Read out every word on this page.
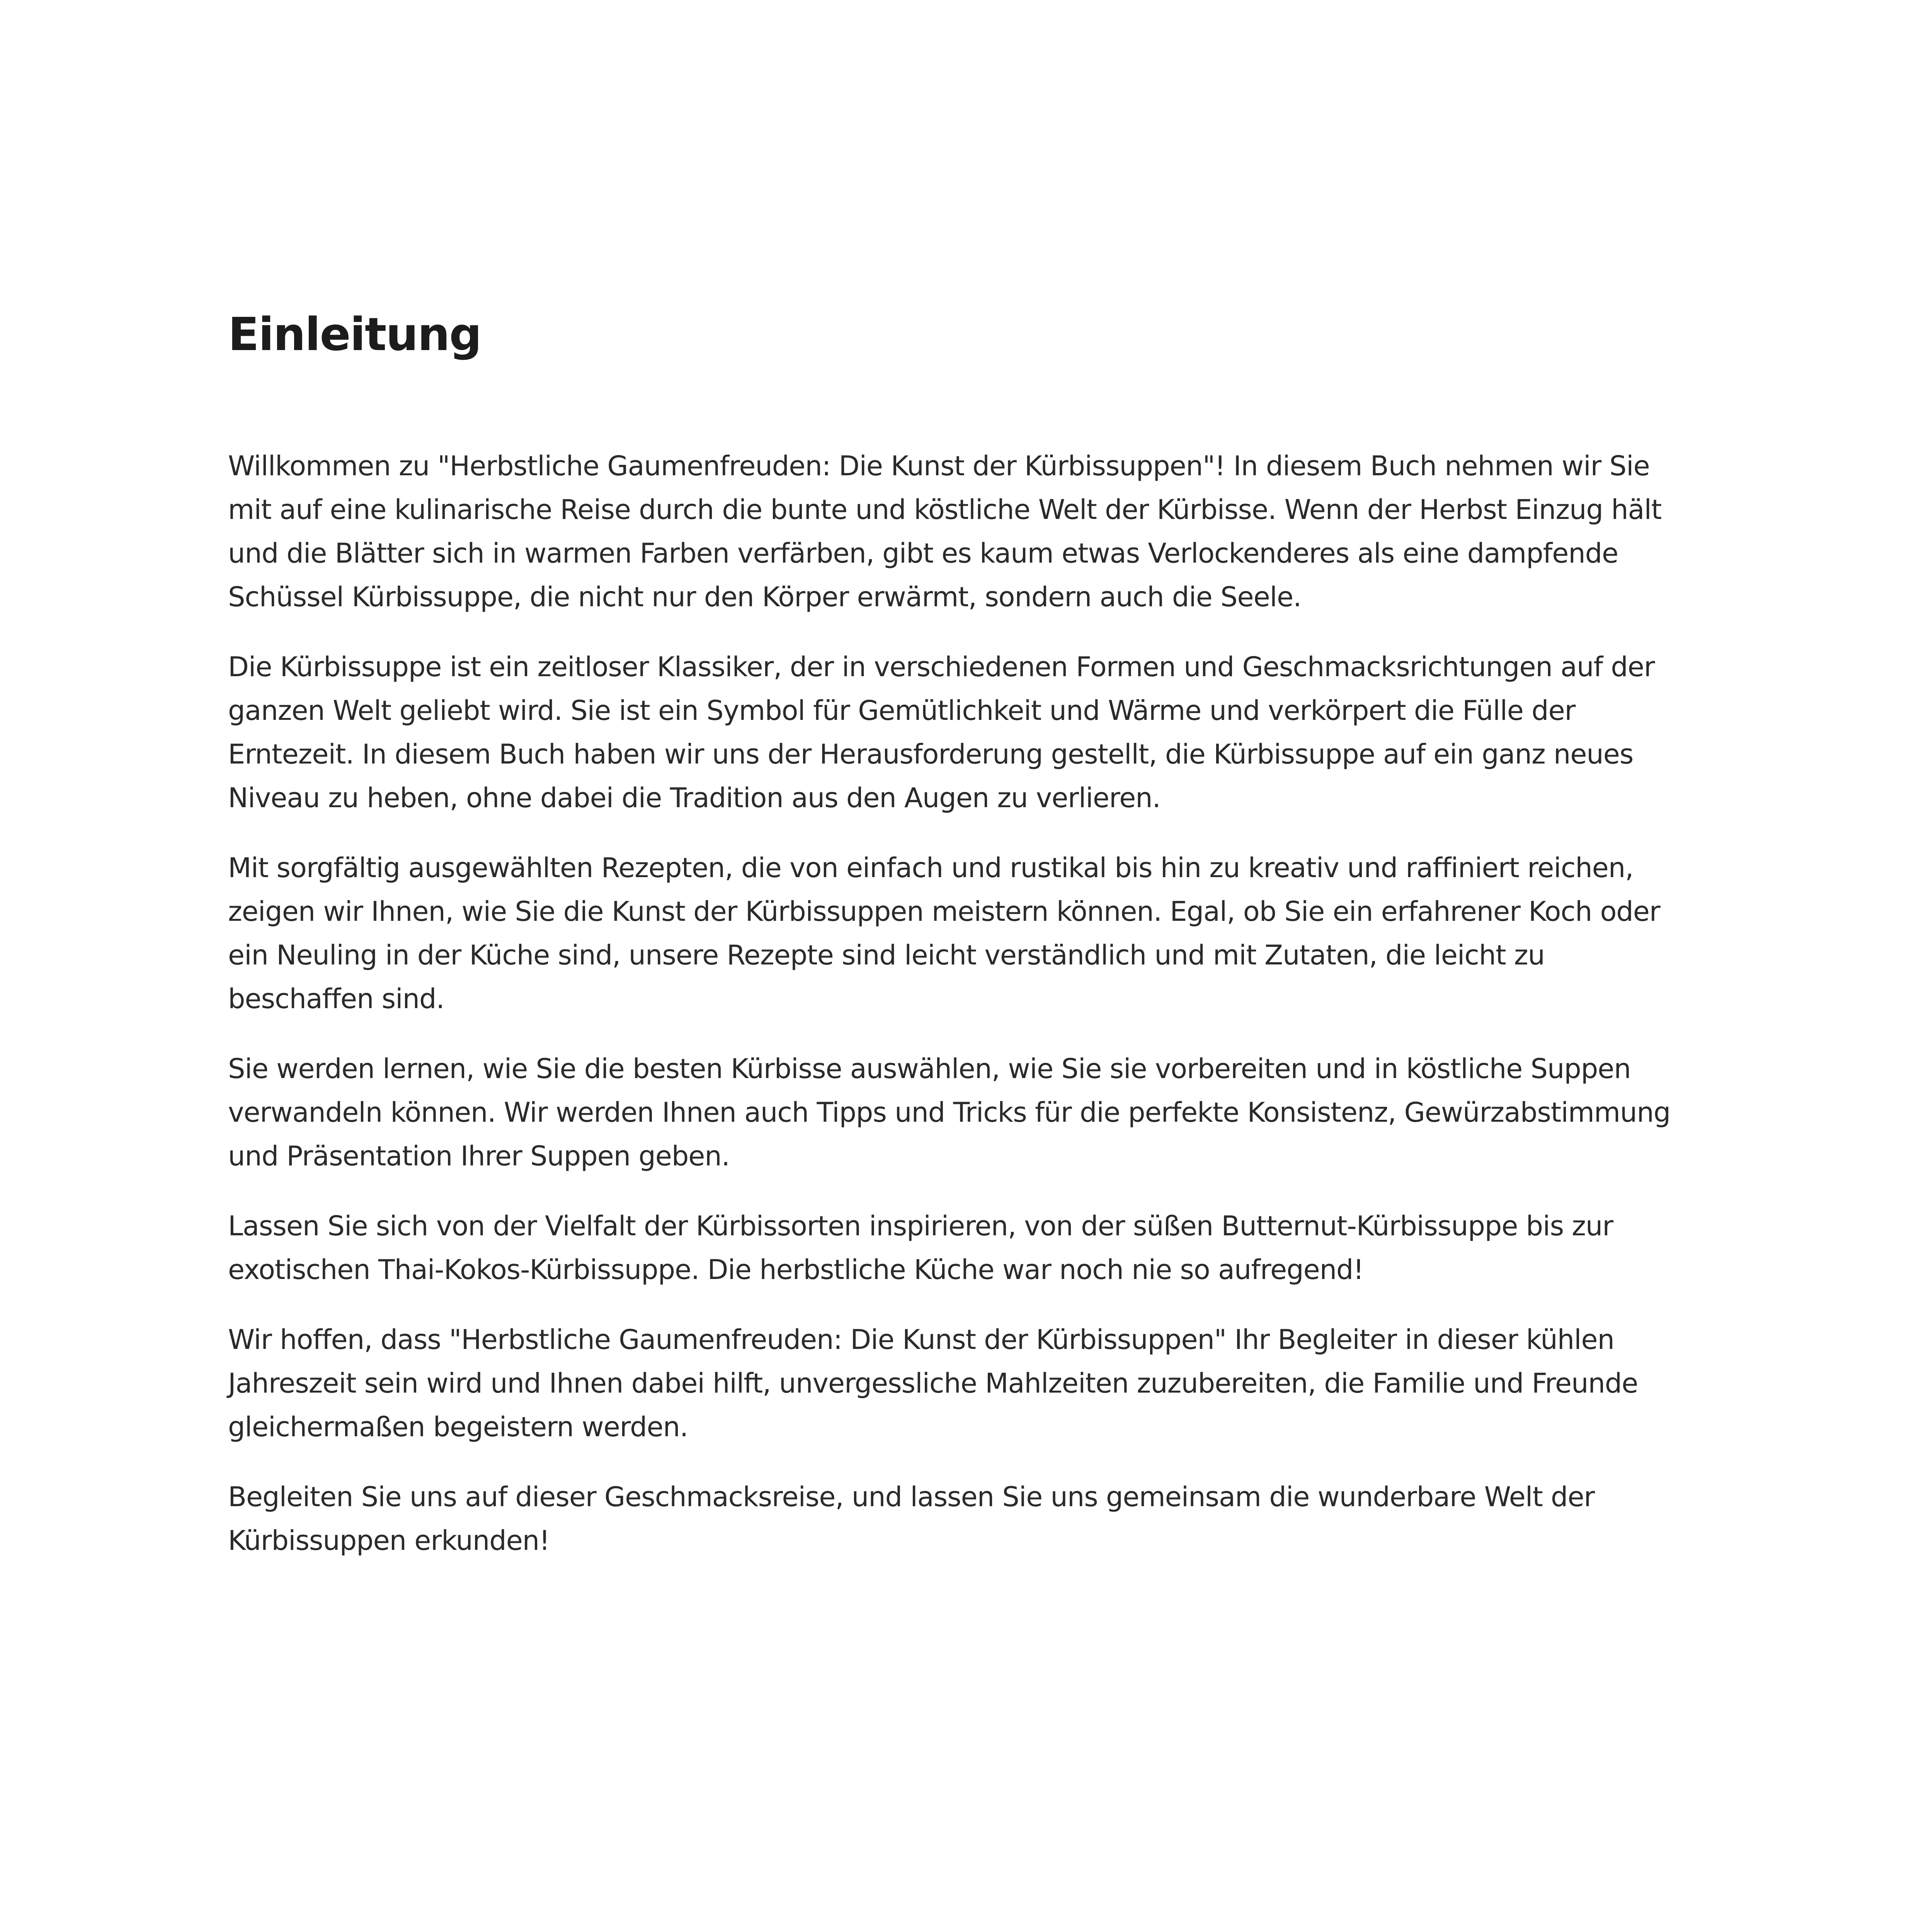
Einleitung

Willkommen zu "Herbstliche Gaumenfreuden: Die Kunst der Kürbissuppen"! In diesem Buch nehmen wir Sie mit auf eine kulinarische Reise durch die bunte und köstliche Welt der Kürbisse. Wenn der Herbst Einzug hält und die Blätter sich in warmen Farben verfärben, gibt es kaum etwas Verlockenderes als eine dampfende Schüssel Kürbissuppe, die nicht nur den Körper erwärmt, sondern auch die Seele.

Die Kürbissuppe ist ein zeitloser Klassiker, der in verschiedenen Formen und Geschmacksrichtungen auf der ganzen Welt geliebt wird. Sie ist ein Symbol für Gemütlichkeit und Wärme und verkörpert die Fülle der Erntezeit. In diesem Buch haben wir uns der Herausforderung gestellt, die Kürbissuppe auf ein ganz neues Niveau zu heben, ohne dabei die Tradition aus den Augen zu verlieren.

Mit sorgfältig ausgewählten Rezepten, die von einfach und rustikal bis hin zu kreativ und raffiniert reichen, zeigen wir Ihnen, wie Sie die Kunst der Kürbissuppen meistern können. Egal, ob Sie ein erfahrener Koch oder ein Neuling in der Küche sind, unsere Rezepte sind leicht verständlich und mit Zutaten, die leicht zu beschaffen sind.

Sie werden lernen, wie Sie die besten Kürbisse auswählen, wie Sie sie vorbereiten und in köstliche Suppen verwandeln können. Wir werden Ihnen auch Tipps und Tricks für die perfekte Konsistenz, Gewürzabstimmung und Präsentation Ihrer Suppen geben.

Lassen Sie sich von der Vielfalt der Kürbissorten inspirieren, von der süßen Butternut-Kürbissuppe bis zur exotischen Thai-Kokos-Kürbissuppe. Die herbstliche Küche war noch nie so aufregend!

Wir hoffen, dass "Herbstliche Gaumenfreuden: Die Kunst der Kürbissuppen" Ihr Begleiter in dieser kühlen Jahreszeit sein wird und Ihnen dabei hilft, unvergessliche Mahlzeiten zuzubereiten, die Familie und Freunde gleichermaßen begeistern werden.

Begleiten Sie uns auf dieser Geschmacksreise, und lassen Sie uns gemeinsam die wunderbare Welt der Kürbissuppen erkunden!
